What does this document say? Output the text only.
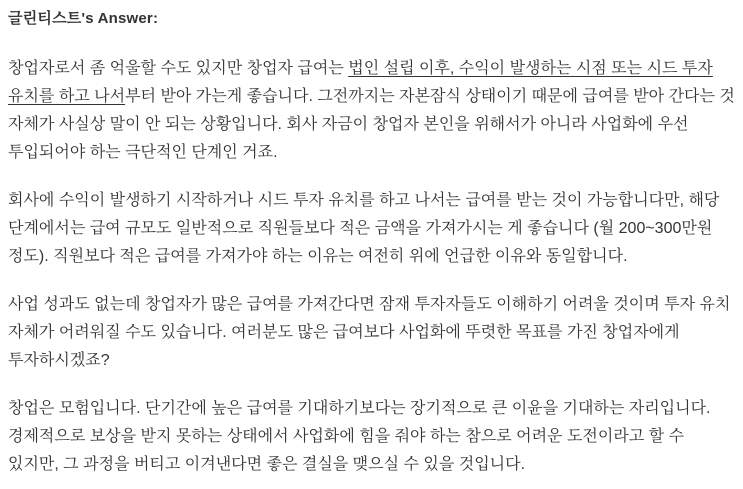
글린티스트's Answer:

창업자로서 좀 억울할 수도 있지만 창업자 급여는 법인 설립 이후, 수익이 발생하는 시점 또는 시드 투자 유치를 하고 나서부터 받아 가는게 좋습니다. 그전까지는 자본잠식 상태이기 때문에 급여를 받아 간다는 것 자체가 사실상 말이 안 되는 상황입니다. 회사 자금이 창업자 본인을 위해서가 아니라 사업화에 우선 투입되어야 하는 극단적인 단계인 거죠.

회사에 수익이 발생하기 시작하거나 시드 투자 유치를 하고 나서는 급여를 받는 것이 가능합니다만, 해당 단계에서는 급여 규모도 일반적으로 직원들보다 적은 금액을 가져가시는 게 좋습니다 (월 200~300만원 정도). 직원보다 적은 급여를 가져가야 하는 이유는 여전히 위에 언급한 이유와 동일합니다.

사업 성과도 없는데 창업자가 많은 급여를 가져간다면 잠재 투자자들도 이해하기 어려울 것이며 투자 유치 자체가 어려워질 수도 있습니다. 여러분도 많은 급여보다 사업화에 뚜렷한 목표를 가진 창업자에게 투자하시겠죠?

창업은 모험입니다. 단기간에 높은 급여를 기대하기보다는 장기적으로 큰 이윤을 기대하는 자리입니다. 경제적으로 보상을 받지 못하는 상태에서 사업화에 힘을 줘야 하는 참으로 어려운 도전이라고 할 수 있지만, 그 과정을 버티고 이겨낸다면 좋은 결실을 맺으실 수 있을 것입니다.
